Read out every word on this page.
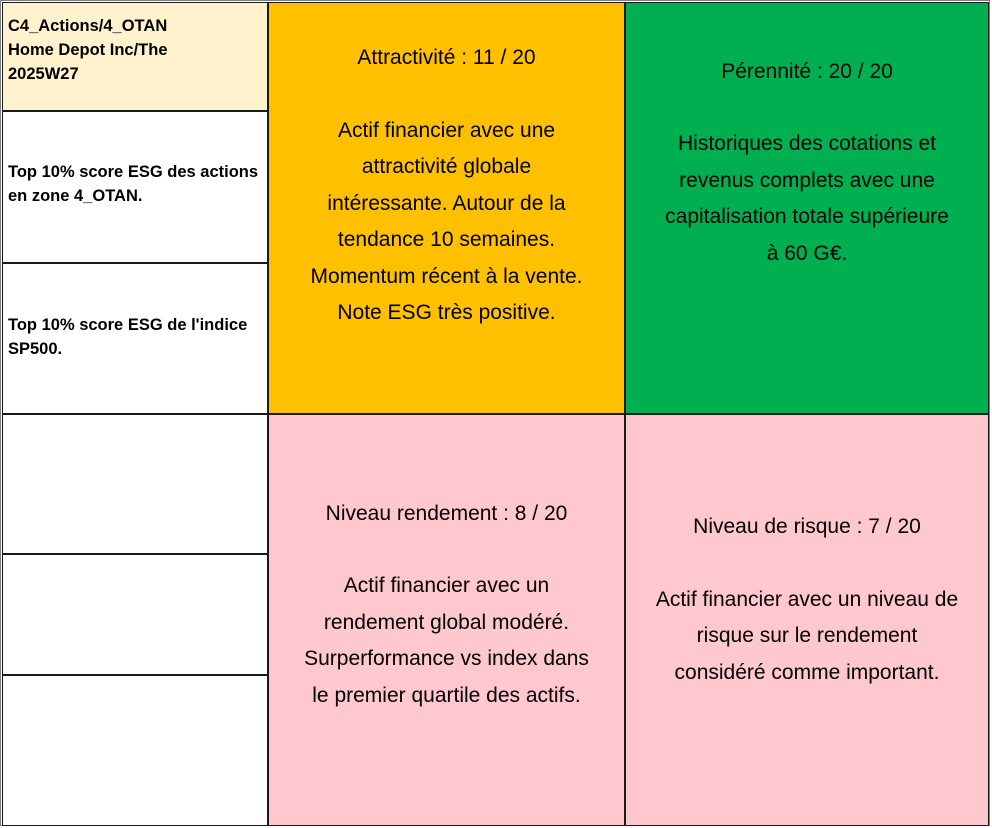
C4_Actions/4_OTAN
Home Depot Inc/The
2025W27
Top 10% score ESG des actions en zone 4_OTAN.
Top 10% score ESG de l'indice SP500.
Attractivité : 11 / 20
Actif financier avec une
attractivité globale
intéressante. Autour de la
tendance 10 semaines.
Momentum récent à la vente.
Note ESG très positive.
Pérennité : 20 / 20
Historiques des cotations et
revenus complets avec une
capitalisation totale supérieure
à 60 G€.
Niveau rendement : 8 / 20
Actif financier avec un
rendement global modéré.
Surperformance vs index dans
le premier quartile des actifs.
Niveau de risque : 7 / 20
Actif financier avec un niveau de
risque sur le rendement
considéré comme important.
